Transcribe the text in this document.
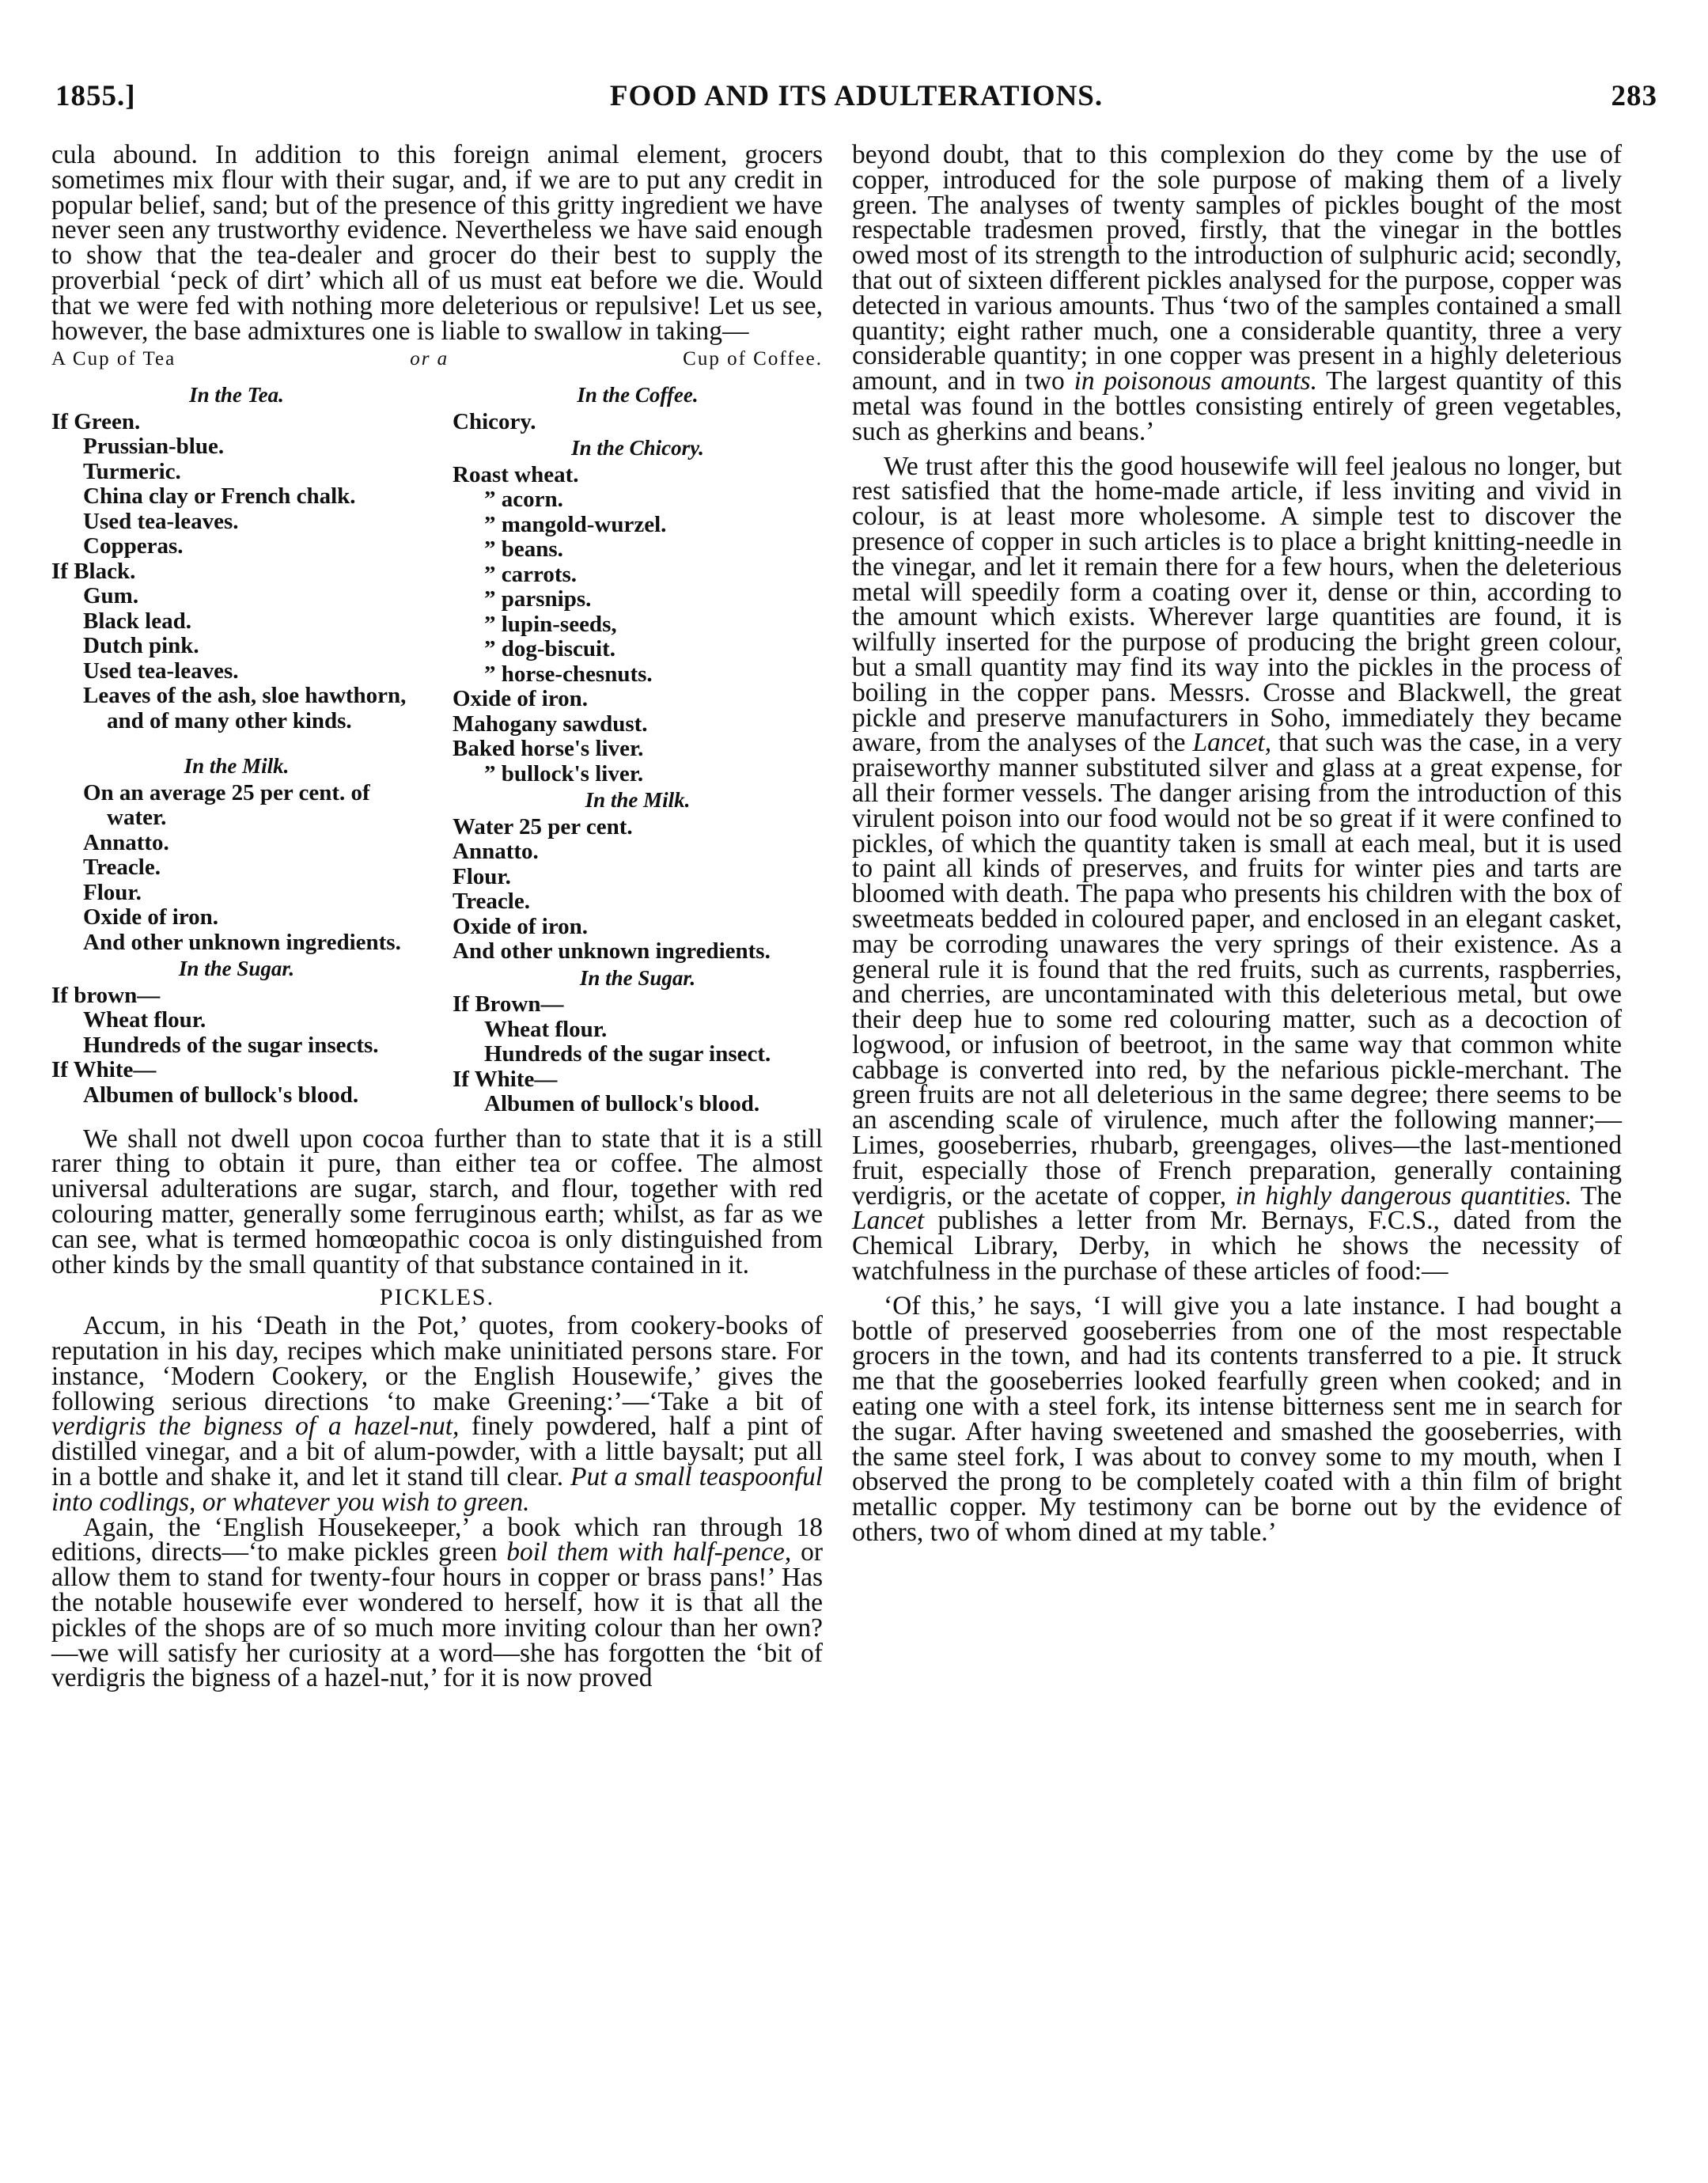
1855.]	FOOD AND ITS ADULTERATIONS.	283

cula abound. In addition to this foreign animal element, grocers sometimes mix flour with their sugar, and, if we are to put any credit in popular belief, sand; but of the presence of this gritty ingredient we have never seen any trustworthy evidence. Nevertheless we have said enough to show that the tea-dealer and grocer do their best to supply the proverbial ‘peck of dirt’ which all of us must eat before we die. Would that we were fed with nothing more deleterious or repulsive! Let us see, however, the base admixtures one is liable to swallow in taking—

A Cup of Tea	or a	Cup of Coffee.
In the Tea.
If Green.
Prussian-blue.
Turmeric.
China clay or French chalk.
Used tea-leaves.
Copperas.
If Black.
Gum.
Black lead.
Dutch pink.
Used tea-leaves.
Leaves of the ash, sloe hawthorn,
and of many other kinds.
In the Milk.
On an average 25 per cent. of
water.
Annatto.
Treacle.
Flour.
Oxide of iron.
And other unknown ingredients.
In the Sugar.
If brown—
Wheat flour.
Hundreds of the sugar insects.
If White—
Albumen of bullock's blood.
In the Coffee.
Chicory.
In the Chicory.
Roast wheat.
” acorn.
” mangold-wurzel.
” beans.
” carrots.
” parsnips.
” lupin-seeds,
” dog-biscuit.
” horse-chesnuts.
Oxide of iron.
Mahogany sawdust.
Baked horse's liver.
” bullock's liver.
In the Milk.
Water 25 per cent.
Annatto.
Flour.
Treacle.
Oxide of iron.
And other unknown ingredients.
In the Sugar.
If Brown—
Wheat flour.
Hundreds of the sugar insect.
If White—
Albumen of bullock's blood.

We shall not dwell upon cocoa further than to state that it is a still rarer thing to obtain it pure, than either tea or coffee. The almost universal adulterations are sugar, starch, and flour, together with red colouring matter, generally some ferruginous earth; whilst, as far as we can see, what is termed homœopathic cocoa is only distinguished from other kinds by the small quantity of that substance contained in it.

PICKLES.

Accum, in his ‘Death in the Pot,’ quotes, from cookery-books of reputation in his day, recipes which make uninitiated persons stare. For instance, ‘Modern Cookery, or the English Housewife,’ gives the following serious directions ‘to make Greening:’—‘Take a bit of verdigris the bigness of a hazel-nut, finely powdered, half a pint of distilled vinegar, and a bit of alum-powder, with a little baysalt; put all in a bottle and shake it, and let it stand till clear. Put a small teaspoonful into codlings, or whatever you wish to green.

Again, the ‘English Housekeeper,’ a book which ran through 18 editions, directs—‘to make pickles green boil them with half-pence, or allow them to stand for twenty-four hours in copper or brass pans!’ Has the notable housewife ever wondered to herself, how it is that all the pickles of the shops are of so much more inviting colour than her own?—we will satisfy her curiosity at a word—she has forgotten the ‘bit of verdigris the bigness of a hazel-nut,’ for it is now proved

beyond doubt, that to this complexion do they come by the use of copper, introduced for the sole purpose of making them of a lively green. The analyses of twenty samples of pickles bought of the most respectable tradesmen proved, firstly, that the vinegar in the bottles owed most of its strength to the introduction of sulphuric acid; secondly, that out of sixteen different pickles analysed for the purpose, copper was detected in various amounts. Thus ‘two of the samples contained a small quantity; eight rather much, one a considerable quantity, three a very considerable quantity; in one copper was present in a highly deleterious amount, and in two in poisonous amounts. The largest quantity of this metal was found in the bottles consisting entirely of green vegetables, such as gherkins and beans.’

We trust after this the good housewife will feel jealous no longer, but rest satisfied that the home-made article, if less inviting and vivid in colour, is at least more wholesome. A simple test to discover the presence of copper in such articles is to place a bright knitting-needle in the vinegar, and let it remain there for a few hours, when the deleterious metal will speedily form a coating over it, dense or thin, according to the amount which exists. Wherever large quantities are found, it is wilfully inserted for the purpose of producing the bright green colour, but a small quantity may find its way into the pickles in the process of boiling in the copper pans. Messrs. Crosse and Blackwell, the great pickle and preserve manufacturers in Soho, immediately they became aware, from the analyses of the Lancet, that such was the case, in a very praiseworthy manner substituted silver and glass at a great expense, for all their former vessels. The danger arising from the introduction of this virulent poison into our food would not be so great if it were confined to pickles, of which the quantity taken is small at each meal, but it is used to paint all kinds of preserves, and fruits for winter pies and tarts are bloomed with death. The papa who presents his children with the box of sweetmeats bedded in coloured paper, and enclosed in an elegant casket, may be corroding unawares the very springs of their existence. As a general rule it is found that the red fruits, such as currents, raspberries, and cherries, are uncontaminated with this deleterious metal, but owe their deep hue to some red colouring matter, such as a decoction of logwood, or infusion of beetroot, in the same way that common white cabbage is converted into red, by the nefarious pickle-merchant. The green fruits are not all deleterious in the same degree; there seems to be an ascending scale of virulence, much after the following manner;—Limes, gooseberries, rhubarb, greengages, olives—the last-mentioned fruit, especially those of French preparation, generally containing verdigris, or the acetate of copper, in highly dangerous quantities. The Lancet publishes a letter from Mr. Bernays, F.C.S., dated from the Chemical Library, Derby, in which he shows the necessity of watchfulness in the purchase of these articles of food:—

‘Of this,’ he says, ‘I will give you a late instance. I had bought a bottle of preserved gooseberries from one of the most respectable grocers in the town, and had its contents transferred to a pie. It struck me that the gooseberries looked fearfully green when cooked; and in eating one with a steel fork, its intense bitterness sent me in search for the sugar. After having sweetened and smashed the gooseberries, with the same steel fork, I was about to convey some to my mouth, when I observed the prong to be completely coated with a thin film of bright metallic copper. My testimony can be borne out by the evidence of others, two of whom dined at my table.’
